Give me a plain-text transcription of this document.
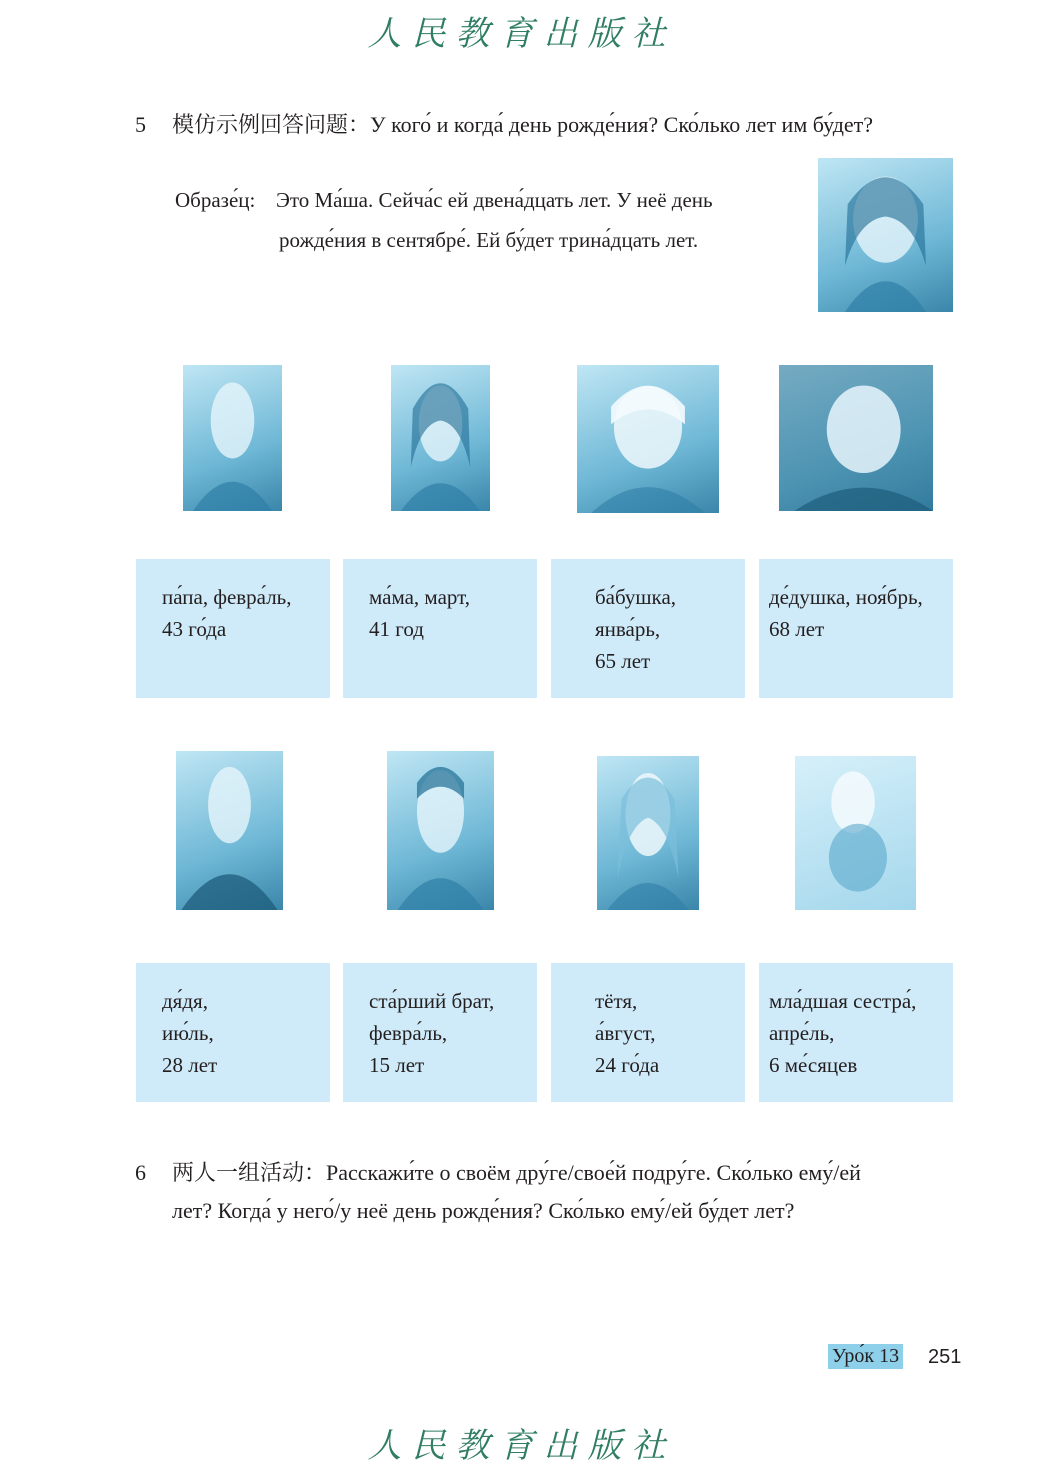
人民教育出版社
5 模仿示例回答问题：У кого́ и когда́ день рожде́ния? Ско́лько лет им бу́дет?
Образе́ц: Это Ма́ша. Сейча́с ей двена́дцать лет. У неё день
рожде́ния в сентябре́. Ей бу́дет трина́дцать лет.
па́па, февра́ль,
43 го́да
ма́ма, март,
41 год
ба́бушка,
янва́рь,
65 лет
де́душка, ноя́брь,
68 лет
дя́дя,
ию́ль,
28 лет
ста́рший брат,
февра́ль,
15 лет
тётя,
а́вгуст,
24 го́да
мла́дшая сестра́,
апре́ль,
6 ме́сяцев
6 两人一组活动：Расскажи́те о своём дру́ге/свое́й подру́ге. Ско́лько ему́/ей
лет? Когда́ у него́/у неё день рожде́ния? Ско́лько ему́/ей бу́дет лет?
Уро́к 13 251
人民教育出版社
